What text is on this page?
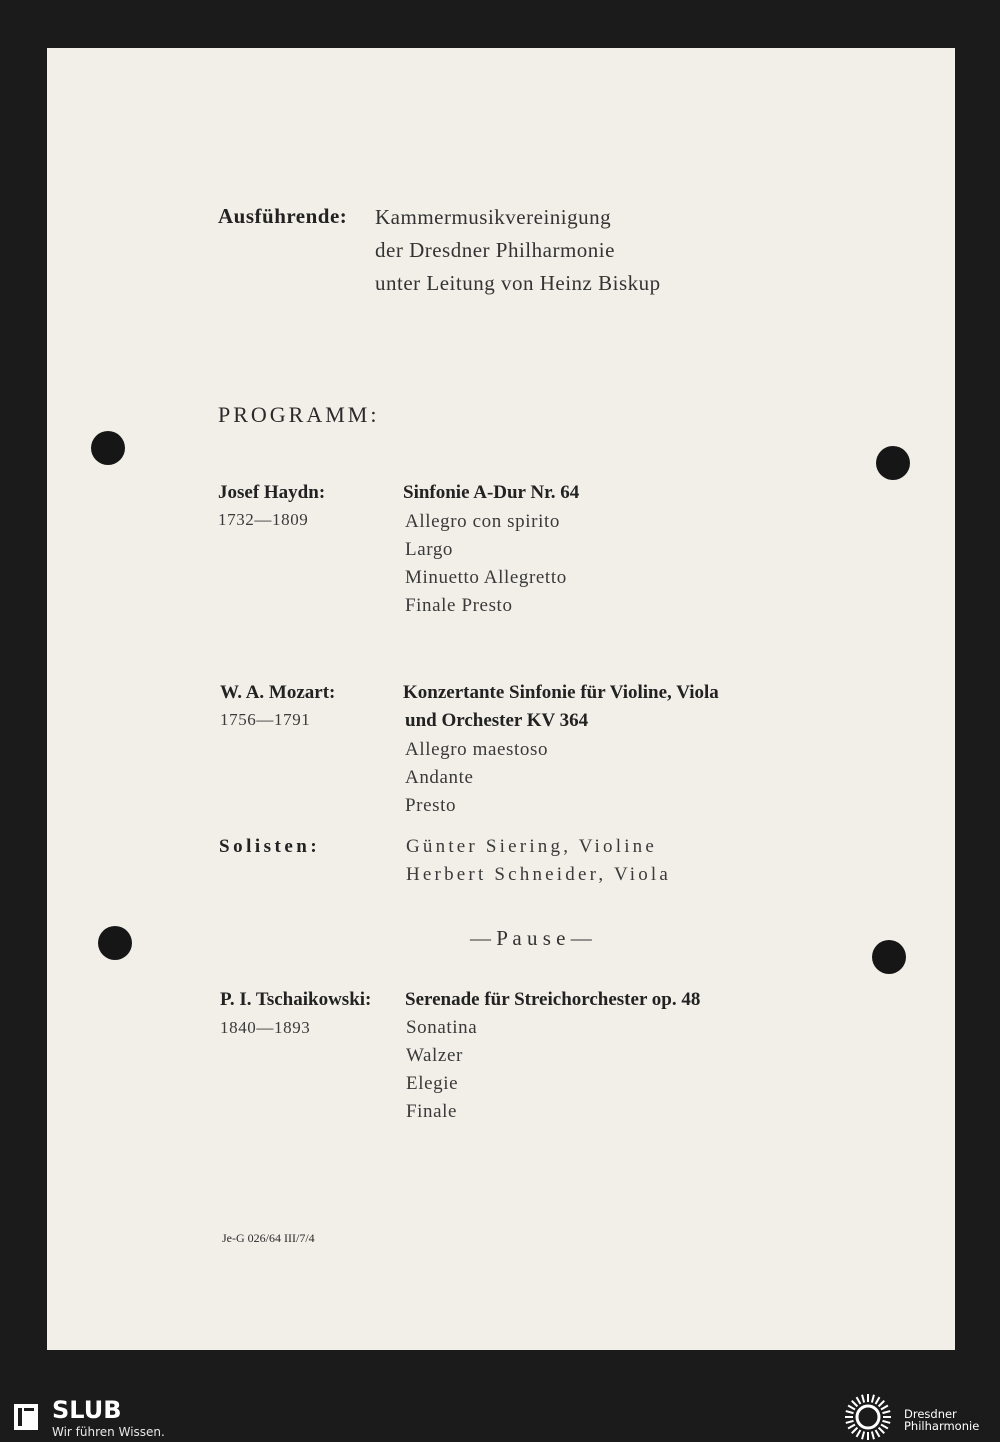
Ausführende: Kammermusikvereinigung
der Dresdner Philharmonie
unter Leitung von Heinz Biskup
PROGRAMM:
Josef Haydn:
1732—1809
Sinfonie A-Dur Nr. 64
Allegro con spirito
Largo
Minuetto Allegretto
Finale Presto
W. A. Mozart:
1756—1791
Konzertante Sinfonie für Violine, Viola
und Orchester KV 364
Allegro maestoso
Andante
Presto
Solisten:	Günter Siering, Violine
Herbert Schneider, Viola
— P a u s e —
P. I. Tschaikowski:
1840—1893
Serenade für Streichorchester op. 48
Sonatina
Walzer
Elegie
Finale
Je-G 026/64 III/7/4
SLUB
Wir führen Wissen.
Dresdner
Philharmonie
